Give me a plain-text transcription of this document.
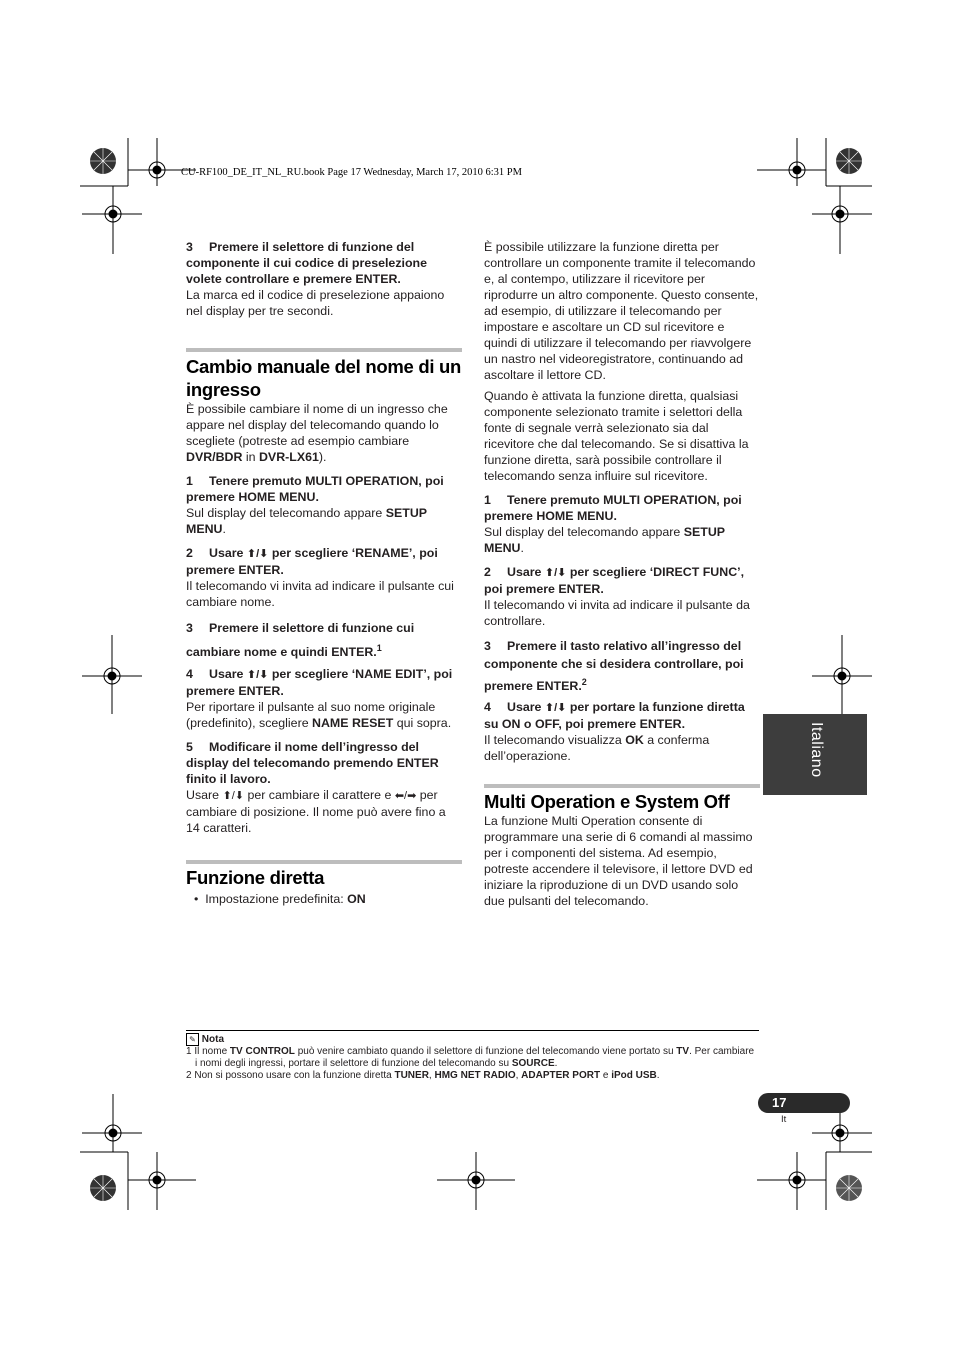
CU-RF100_DE_IT_NL_RU.book Page 17 Wednesday, March 17, 2010 6:31 PM

3 Premere il selettore di funzione del componente il cui codice di preselezione volete controllare e premere ENTER.

La marca ed il codice di preselezione appaiono nel display per tre secondi.

Cambio manuale del nome di un ingresso

È possibile cambiare il nome di un ingresso che appare nel display del telecomando quando lo scegliete (potreste ad esempio cambiare DVR/BDR in DVR-LX61).

1 Tenere premuto MULTI OPERATION, poi premere HOME MENU.

Sul display del telecomando appare SETUP MENU.

2 Usare ⬆/⬇ per scegliere ‘RENAME’, poi premere ENTER.

Il telecomando vi invita ad indicare il pulsante cui cambiare nome.

3 Premere il selettore di funzione cui cambiare nome e quindi ENTER.$^1$

4 Usare ⬆/⬇ per scegliere ‘NAME EDIT’, poi premere ENTER.

Per riportare il pulsante al suo nome originale (predefinito), scegliere NAME RESET qui sopra.

5 Modificare il nome dell’ingresso del display del telecomando premendo ENTER finito il lavoro.

Usare ⬆/⬇ per cambiare il carattere e ⬅/➡ per cambiare di posizione. Il nome può avere fino a 14 caratteri.

Funzione diretta

•  Impostazione predefinita: ON

È possibile utilizzare la funzione diretta per controllare un componente tramite il telecomando e, al contempo, utilizzare il ricevitore per riprodurre un altro componente. Questo consente, ad esempio, di utilizzare il telecomando per impostare e ascoltare un CD sul ricevitore e quindi di utilizzare il telecomando per riavvolgere un nastro nel videoregistratore, continuando ad ascoltare il lettore CD.

Quando è attivata la funzione diretta, qualsiasi componente selezionato tramite i selettori della fonte di segnale verrà selezionato sia dal ricevitore che dal telecomando. Se si disattiva la funzione diretta, sarà possibile controllare il telecomando senza influire sul ricevitore.

1 Tenere premuto MULTI OPERATION, poi premere HOME MENU.

Sul display del telecomando appare SETUP MENU.

2 Usare ⬆/⬇ per scegliere ‘DIRECT FUNC’, poi premere ENTER.

Il telecomando vi invita ad indicare il pulsante da controllare.

3 Premere il tasto relativo all’ingresso del componente che si desidera controllare, poi premere ENTER.$^2$

4 Usare ⬆/⬇ per portare la funzione diretta su ON o OFF, poi premere ENTER.

Il telecomando visualizza OK a conferma dell’operazione.

Multi Operation e System Off

La funzione Multi Operation consente di programmare una serie di 6 comandi al massimo per i componenti del sistema. Ad esempio, potreste accendere il televisore, il lettore DVD ed iniziare la riproduzione di un DVD usando solo due pulsanti del telecomando.

Italiano
✎ Nota
1 Il nome TV CONTROL può venire cambiato quando il selettore di funzione del telecomando viene portato su TV. Per cambiare i nomi degli ingressi, portare il selettore di funzione del telecomando su SOURCE.
2 Non si possono usare con la funzione diretta TUNER, HMG NET RADIO, ADAPTER PORT e iPod USB.
17
It
